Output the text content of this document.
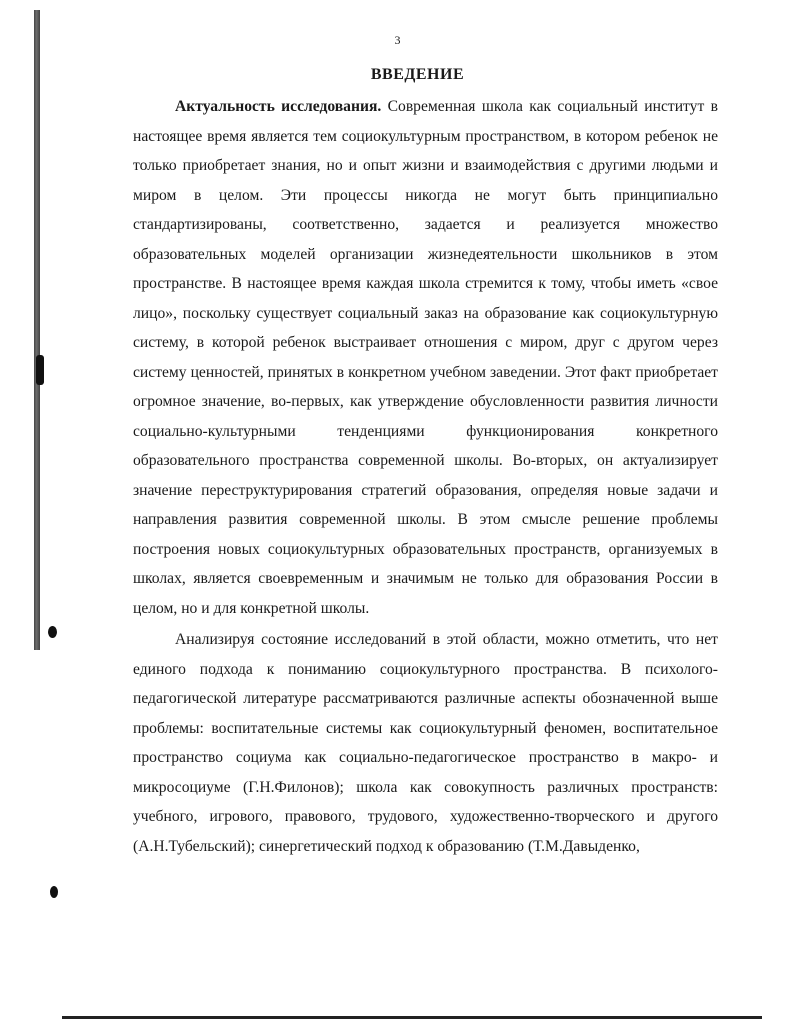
3
ВВЕДЕНИЕ

Актуальность исследования. Современная школа как социальный институт в настоящее время является тем социокультурным пространством, в котором ребенок не только приобретает знания, но и опыт жизни и взаимодействия с другими людьми и миром в целом. Эти процессы никогда не могут быть принципиально стандартизированы, соответственно, задается и реализуется множество образовательных моделей организации жизнедеятельности школьников в этом пространстве. В настоящее время каждая школа стремится к тому, чтобы иметь «свое лицо», поскольку существует социальный заказ на образование как социокультурную систему, в которой ребенок выстраивает отношения с миром, друг с другом через систему ценностей, принятых в конкретном учебном заведении. Этот факт приобретает огромное значение, во-первых, как утверждение обусловленности развития личности социально-культурными тенденциями функционирования конкретного образовательного пространства современной школы. Во-вторых, он актуализирует значение переструктурирования стратегий образования, определяя новые задачи и направления развития современной школы. В этом смысле решение проблемы построения новых социокультурных образовательных пространств, организуемых в школах, является своевременным и значимым не только для образования России в целом, но и для конкретной школы.

Анализируя состояние исследований в этой области, можно отметить, что нет единого подхода к пониманию социокультурного пространства. В психолого-педагогической литературе рассматриваются различные аспекты обозначенной выше проблемы: воспитательные системы как социокультурный феномен, воспитательное пространство социума как социально-педагогическое пространство в макро- и микросоциуме (Г.Н.Филонов); школа как совокупность различных пространств: учебного, игрового, правового, трудового, художественно-творческого и другого (А.Н.Тубельский); синергетический подход к образованию (Т.М.Давыденко,
